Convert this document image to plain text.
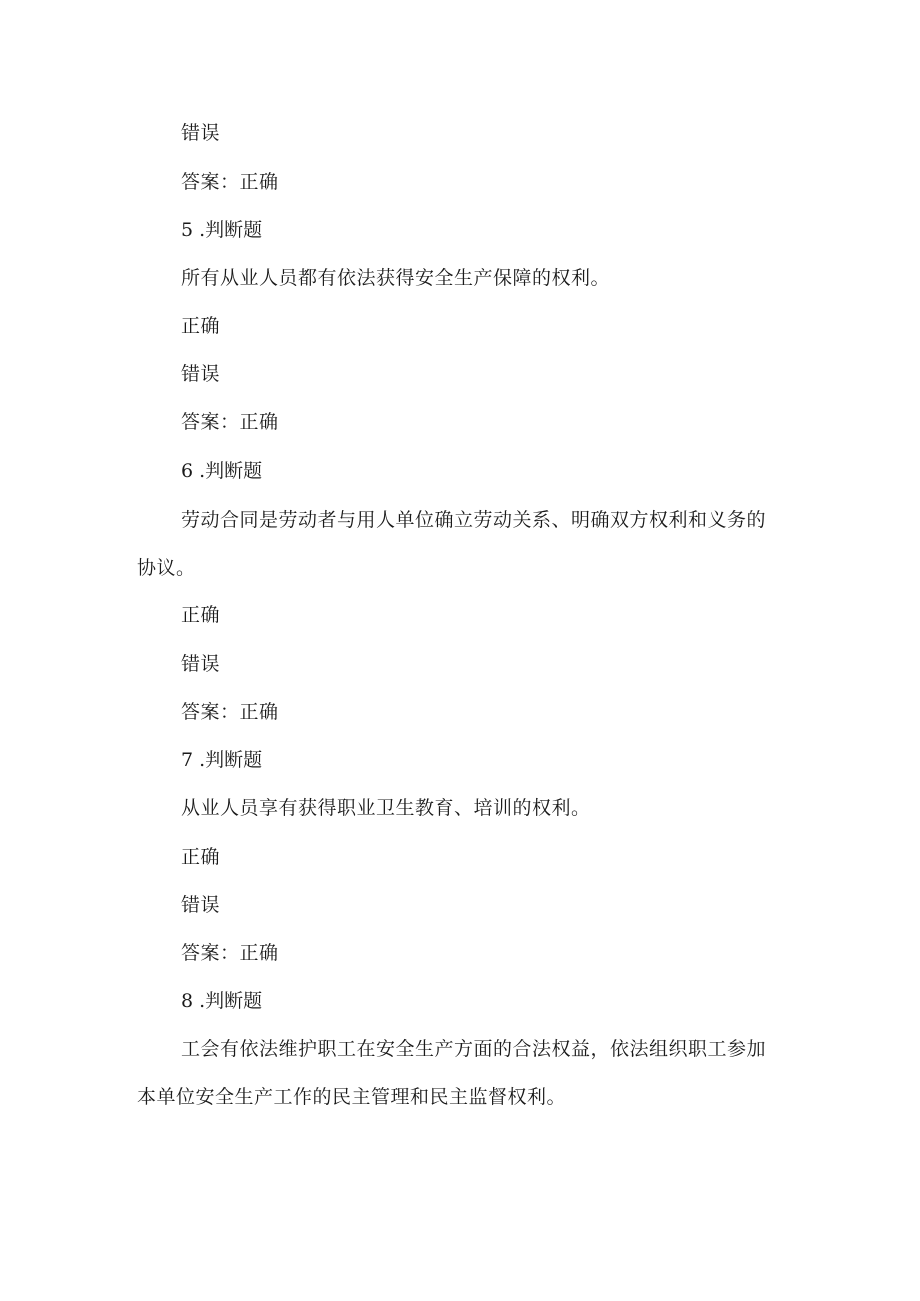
错误
答案：正确
5 .判断题
所有从业人员都有依法获得安全生产保障的权利。
正确
错误
答案：正确
6 .判断题
劳动合同是劳动者与用人单位确立劳动关系、明确双方权利和义务的
协议。
正确
错误
答案：正确
7 .判断题
从业人员享有获得职业卫生教育、培训的权利。
正确
错误
答案：正确
8 .判断题
工会有依法维护职工在安全生产方面的合法权益，依法组织职工参加
本单位安全生产工作的民主管理和民主监督权利。
